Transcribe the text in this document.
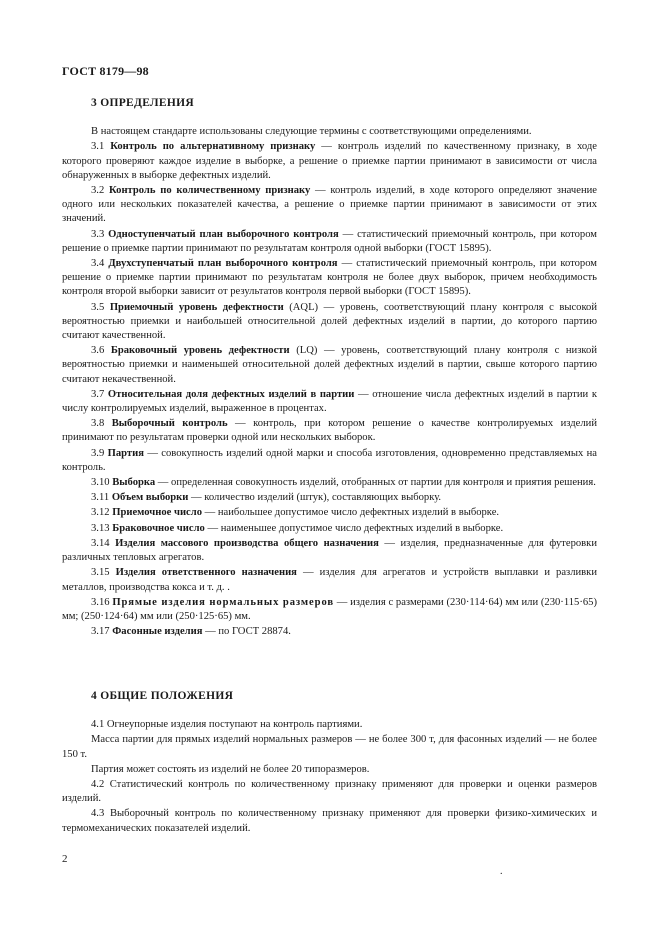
ГОСТ 8179—98
3 ОПРЕДЕЛЕНИЯ
В настоящем стандарте использованы следующие термины с соответствующими определениями.
3.1 Контроль по альтернативному признаку — контроль изделий по качественному признаку, в ходе которого проверяют каждое изделие в выборке, а решение о приемке партии принимают в зависимости от числа обнаруженных в выборке дефектных изделий.
3.2 Контроль по количественному признаку — контроль изделий, в ходе которого определяют значение одного или нескольких показателей качества, а решение о приемке партии принимают в зависимости от этих значений.
3.3 Одноступенчатый план выборочного контроля — статистический приемочный контроль, при котором решение о приемке партии принимают по результатам контроля одной выборки (ГОСТ 15895).
3.4 Двухступенчатый план выборочного контроля — статистический приемочный контроль, при котором решение о приемке партии принимают по результатам контроля не более двух выборок, причем необходимость контроля второй выборки зависит от результатов контроля первой выборки (ГОСТ 15895).
3.5 Приемочный уровень дефектности (AQL) — уровень, соответствующий плану контроля с высокой вероятностью приемки и наибольшей относительной долей дефектных изделий в партии, до которого партию считают качественной.
3.6 Браковочный уровень дефектности (LQ) — уровень, соответствующий плану контроля с низкой вероятностью приемки и наименьшей относительной долей дефектных изделий в партии, свыше которого партию считают некачественной.
3.7 Относительная доля дефектных изделий в партии — отношение числа дефектных изделий в партии к числу контролируемых изделий, выраженное в процентах.
3.8 Выборочный контроль — контроль, при котором решение о качестве контролируемых изделий принимают по результатам проверки одной или нескольких выборок.
3.9 Партия — совокупность изделий одной марки и способа изготовления, одновременно представляемых на контроль.
3.10 Выборка — определенная совокупность изделий, отобранных от партии для контроля и приятия решения.
3.11 Объем выборки — количество изделий (штук), составляющих выборку.
3.12 Приемочное число — наибольшее допустимое число дефектных изделий в выборке.
3.13 Браковочное число — наименьшее допустимое число дефектных изделий в выборке.
3.14 Изделия массового производства общего назначения — изделия, предназначенные для футеровки различных тепловых агрегатов.
3.15 Изделия ответственного назначения — изделия для агрегатов и устройств выплавки и разливки металлов, производства кокса и т. д. .
3.16 Прямые изделия нормальных размеров — изделия с размерами (230·114·64) мм или (230·115·65) мм; (250·124·64) мм или (250·125·65) мм.
3.17 Фасонные изделия — по ГОСТ 28874.
4 ОБЩИЕ ПОЛОЖЕНИЯ
4.1 Огнеупорные изделия поступают на контроль партиями.
Масса партии для прямых изделий нормальных размеров — не более 300 т, для фасонных изделий — не более 150 т.
Партия может состоять из изделий не более 20 типоразмеров.
4.2 Статистический контроль по количественному признаку применяют для проверки и оценки размеров изделий.
4.3 Выборочный контроль по количественному признаку применяют для проверки физико-химических и термомеханических показателей изделий.
2
.
